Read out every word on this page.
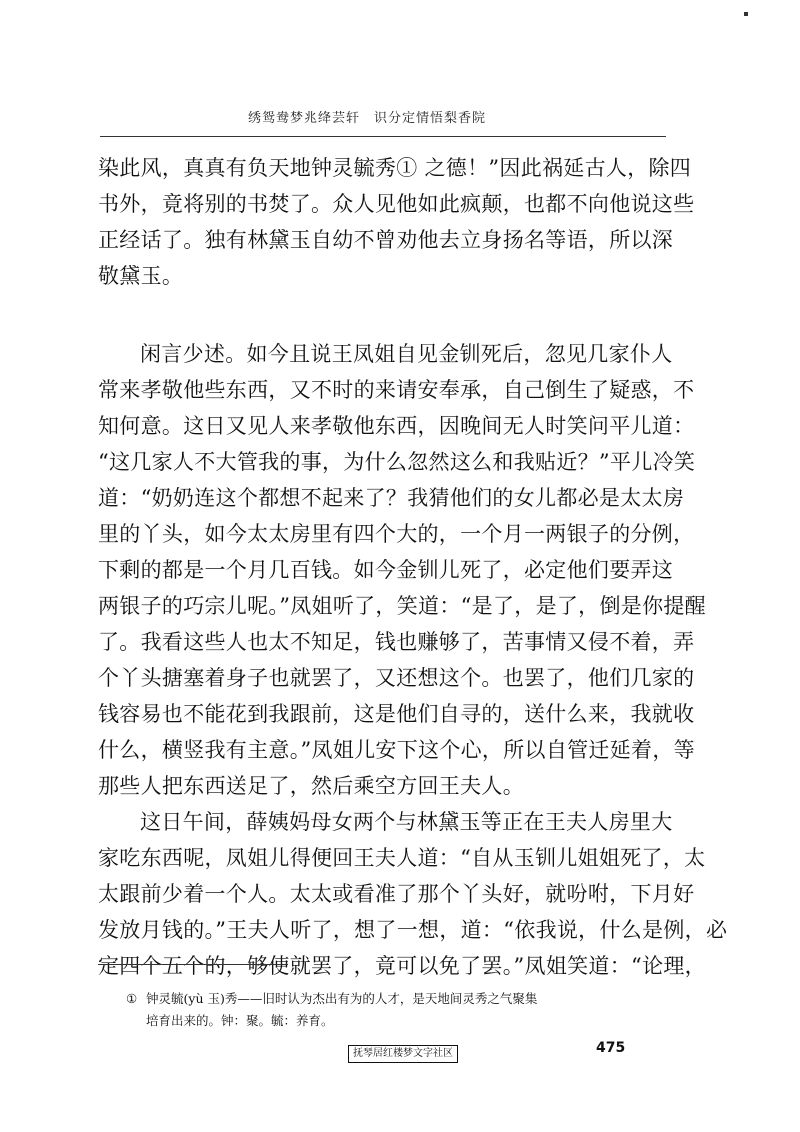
绣鸳鸯梦兆绛芸轩　识分定情悟梨香院
染此风，真真有负天地钟灵毓秀① 之德！”因此祸延古人，除四
书外，竟将别的书焚了。众人见他如此疯颠，也都不向他说这些
正经话了。独有林黛玉自幼不曾劝他去立身扬名等语，所以深
敬黛玉。
闲言少述。如今且说王凤姐自见金钏死后，忽见几家仆人
常来孝敬他些东西，又不时的来请安奉承，自己倒生了疑惑，不
知何意。这日又见人来孝敬他东西，因晚间无人时笑问平儿道：
“这几家人不大管我的事，为什么忽然这么和我贴近？”平儿冷笑
道：“奶奶连这个都想不起来了？我猜他们的女儿都必是太太房
里的丫头，如今太太房里有四个大的，一个月一两银子的分例，
下剩的都是一个月几百钱。如今金钏儿死了，必定他们要弄这
两银子的巧宗儿呢。”凤姐听了，笑道：“是了，是了，倒是你提醒
了。我看这些人也太不知足，钱也赚够了，苦事情又侵不着，弄
个丫头搪塞着身子也就罢了，又还想这个。也罢了，他们几家的
钱容易也不能花到我跟前，这是他们自寻的，送什么来，我就收
什么，横竖我有主意。”凤姐儿安下这个心，所以自管迁延着，等
那些人把东西送足了，然后乘空方回王夫人。
这日午间，薛姨妈母女两个与林黛玉等正在王夫人房里大
家吃东西呢，凤姐儿得便回王夫人道：“自从玉钏儿姐姐死了，太
太跟前少着一个人。太太或看准了那个丫头好，就吩咐，下月好
发放月钱的。”王夫人听了，想了一想，道：“依我说，什么是例，必
定四个五个的，够使就罢了，竟可以免了罢。”凤姐笑道：“论理，
① 钟灵毓(yù 玉)秀——旧时认为杰出有为的人才，是天地间灵秀之气聚集
培育出来的。钟：聚。毓：养育。
抚琴居红楼梦文字社区	475
